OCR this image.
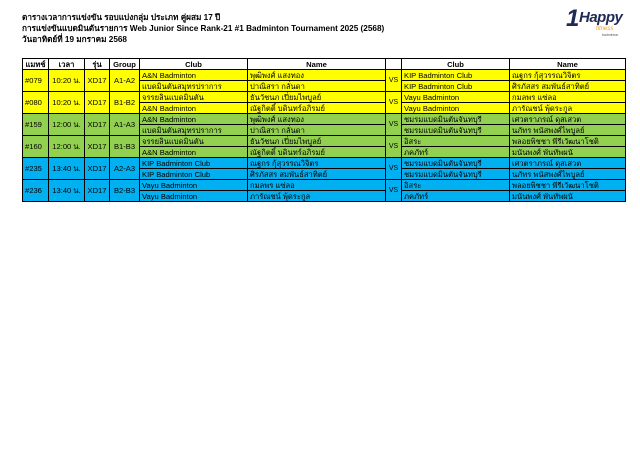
ตารางเวลาการแข่งขัน รอบแบ่งกลุ่ม ประเภท คู่ผสม 17 ปี
การแข่งขันแบดมินตันรายการ Web Junior Since Rank-21 #1 Badminton Tournament 2025 (2568)
วันอาทิตย์ที่ 19 มกราคม 2568
1 Happy
fitness
badminton
แมทช์	เวลา	รุ่น	Group	Club	Name		Club	Name
#079	10:20 น.	XD17	A1-A2	A&N Badminton	พุฒิพงศ์ แสงทอง	VS	KIP Badminton Club	ณฐกร กุ้สุวรรณวิจิตร
				แบดมินตันสมุทรปราการ	ปาณิสรา กลั่นดา		KIP Badminton Club	ศิรภัสสร สมพันธ์สาทิตย์
#080	10:20 น.	XD17	B1-B2	จรรยลินแบดมินตัน	ธันวัชนภ เปี่ยมไพบูลย์	VS	Vayu Badminton	กมลพร แซ่ลอ
				A&N Badminton	ณัฐกิตติ์ บดินทร์อภิรมย์		Vayu Badminton	ภารัณชน์ พุ้ดระกูล
#159	12:00 น.	XD17	A1-A3	A&N Badminton	พุฒิพงศ์ แสงทอง	VS	ชมรมแบดมินตันจันทบุรี	เศวตราภรณ์ ดุสเสวต
				แบดมินตันสมุทรปราการ	ปาณิสรา กลั่นดา		ชมรมแบดมินตันจันทบุรี	นภัทร พนัสพงศ์ไพบูลย์
#160	12:00 น.	XD17	B1-B3	จรรยลินแบดมินตัน	ธันวัชนภ เปี่ยมไพบูลย์	VS	อิสระ	พลอยพิชชา พีรีเวัฒนาโชติ
				A&N Badminton	ณัฐกิตติ์ บดินทร์อภิรมย์		ภคภัทร์	มนันพงศ์ พันทัพผนั
#235	13:40 น.	XD17	A2-A3	KIP Badminton Club	ณฐกร กุ้สุวรรณวิจิตร	VS	ชมรมแบดมินตันจันทบุรี	เศวตราภรณ์ ดุสเสวต
				KIP Badminton Club	ศิรภัสสร สมพันธ์สาทิตย์		ชมรมแบดมินตันจันทบุรี	นภัทร พนัสพงศ์ไพบูลย์
#236	13:40 น.	XD17	B2-B3	Vayu Badminton	กมลพร แซ่ลอ	VS	อิสระ	พลอยพิชชา พีรีเวัฒนาโชติ
				Vayu Badminton	ภารัณชน์ พุ้ดระกูล		ภคภัทร์	มนันพงศ์ พันทัพผนั
